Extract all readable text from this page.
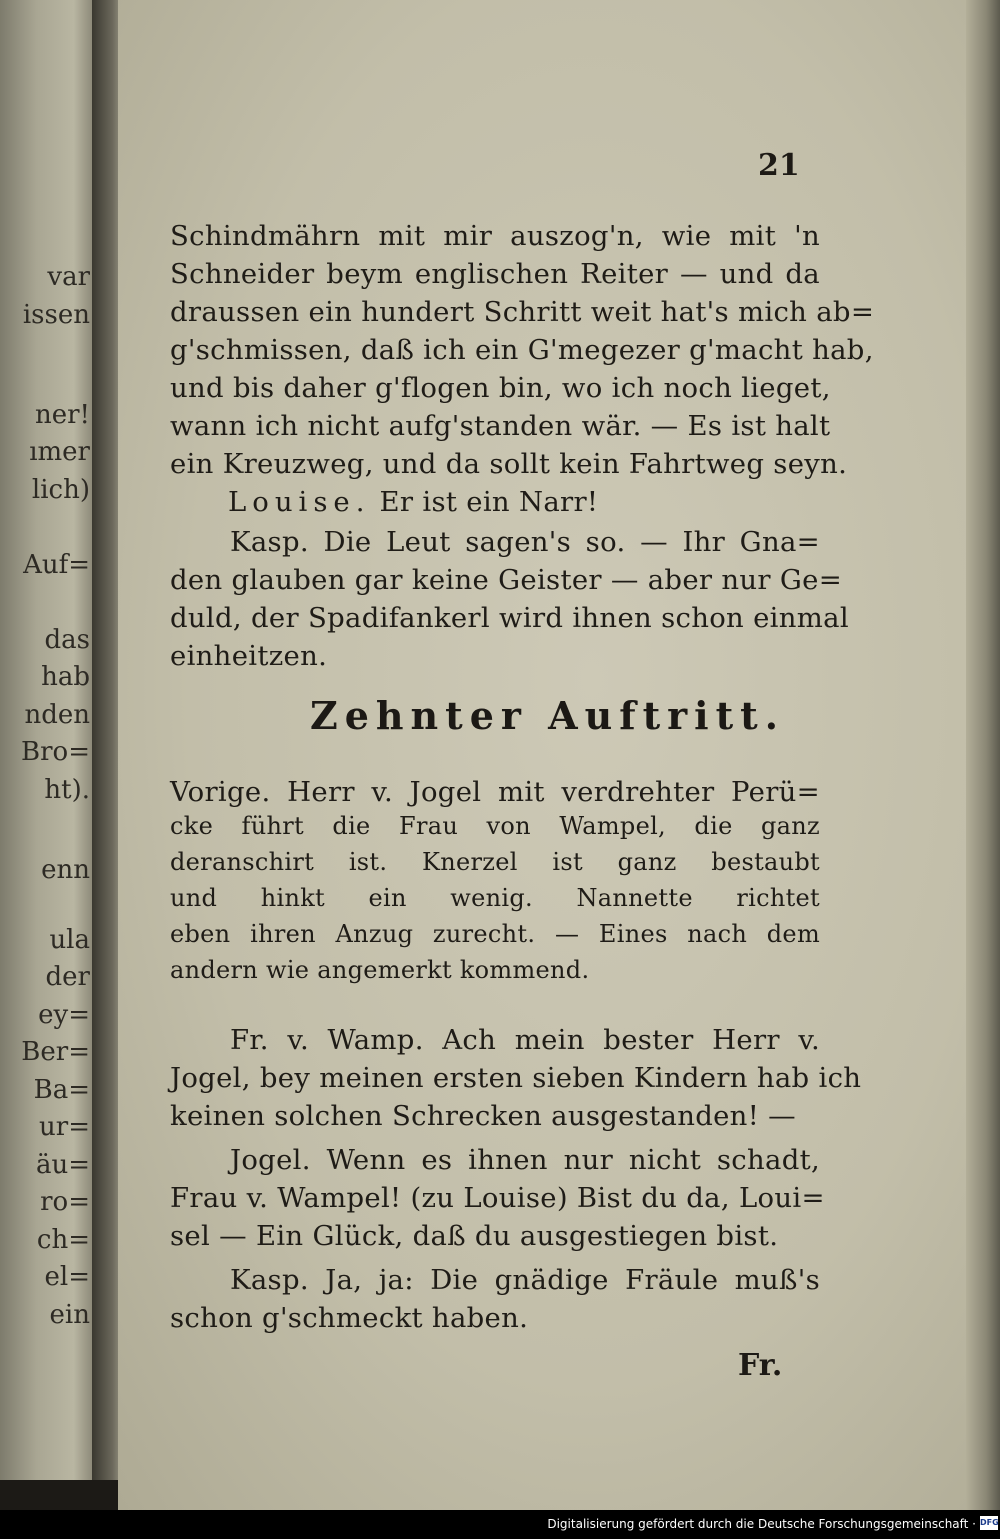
var
issen
ner!
ımer
lich)
Auf=
das
hab
nden
Bro=
ht).
enn
ula
der
ey=
Ber=
Ba=
ur=
äu=
ro=
ch=
el=
ein
21
Schindmährn mit mir auszog'n, wie mit 'n
Schneider beym englischen Reiter — und da
draussen ein hundert Schritt weit hat's mich ab=
g'schmissen, daß ich ein G'megezer g'macht hab,
und bis daher g'flogen bin, wo ich noch lieget,
wann ich nicht aufg'standen wär. — Es ist halt
ein Kreuzweg, und da sollt kein Fahrtweg seyn.
Louise. Er ist ein Narr!
Kasp. Die Leut sagen's so. — Ihr Gna=
den glauben gar keine Geister — aber nur Ge=
duld, der Spadifankerl wird ihnen schon einmal
einheitzen.
Zehnter Auftritt.
Vorige. Herr v. Jogel mit verdrehter Perü=
cke führt die Frau von Wampel, die ganz
deranschirt ist. Knerzel ist ganz bestaubt
und hinkt ein wenig. Nannette richtet
eben ihren Anzug zurecht. — Eines nach dem
andern wie angemerkt kommend.
Fr. v. Wamp. Ach mein bester Herr v.
Jogel, bey meinen ersten sieben Kindern hab ich
keinen solchen Schrecken ausgestanden! —
Jogel. Wenn es ihnen nur nicht schadt,
Frau v. Wampel! (zu Louise) Bist du da, Loui=
sel — Ein Glück, daß du ausgestiegen bist.
Kasp. Ja, ja: Die gnädige Fräule muß's
schon g'schmeckt haben.
Fr.
Digitalisierung gefördert durch die Deutsche Forschungsgemeinschaft · DFG
